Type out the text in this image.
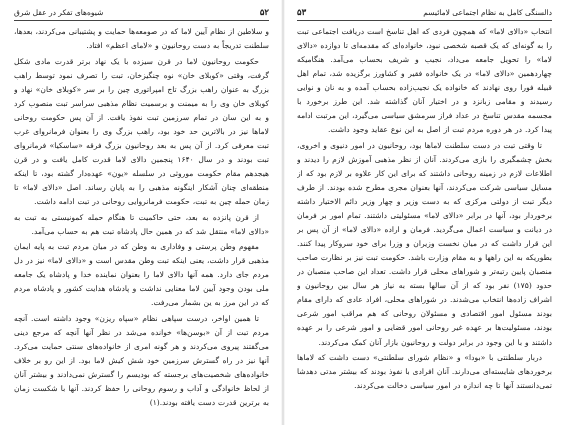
۵۲
شیوه‌های تفکر در عقل شرق

و سلاطین از نظام آیین لاما که در صومعه‌ها حمایت و پشتیبانی می‌کردند، بعدها، سلطنت تدریجاً به دست روحانیون و «لامای اعظم» افتاد.

حکومت روحانیون لاما در قرن سیزده با یک نهاد برتر قدرت مادی شکل گرفت، وقتی «کوبلای خان» نوه چنگیزخان، تبت را تصرف نمود توسط راهب بزرگ به عنوان راهب بزرگ تاج امپراتوری چین را بر سر «کوبلای خان» نهاد و کوبلای خان وی را به میمنت و برسمیت نظام مذهبی سراسر تبت منصوب کرد و به این سان در تمام سرزمین تبت نفوذ یافت. از آن پس حکومت روحانی لاماها نیز در بالاترین حد خود بود، راهب بزرگ وی را بعنوان فرمانروای غرب تبت معرفی کرد. از آن پس به بعد روحانیون بزرگ فرقه «ساسکیا» فرمانروای تبت بودند و در سال ۱۶۴۰ پنجمین دالای لاما قدرت کامل یافت و در قرن هیجدهم مقام حکومت موروثی در سلسله «یون» عهده‌دار گشته بود، تا اینکه منطقه‌ای چنان آشکار اینگونه مذهبی را به پایان رساند. اصل «دالای لاما» تا زمان حمله چین به تبت، حکومت فرمانروایی روحانی در تبت ادامه داشت.

از قرن پانزده به بعد، حتی حاکمیت تا هنگام حمله کمونیستی به تبت به «دالای لاما» منتقل شد که در همین حال پادشاه تبت هم به حساب می‌آمد.

مفهوم وطن پرستی و وفاداری به وطن که در میان مردم تبت به پایه ایمان مذهبی قرار داشت، یعنی اینکه تبت وطن مقدس است و «دالای لاما» نیز در دل مردم جای دارد. همه آنها دالای لاما را بعنوان نماینده خدا و پادشاه یک جامعه ملی بودن وجود آیین لاما معنایی نداشت و پادشاه هدایت کشور و پادشاه مردم که در این مرز به ین بشمار می‌رفت.

تا همین اواخر، درست سپاهی نظام «سپاه ریزن» وجود داشته است. آنچه مردم تبت از آن «بوسن‌ها» خوانده می‌شد در نظر آنها آنچه که مرجع دینی می‌گفتند پیروی می‌کردند و هر گونه امری از خانواده‌های سنتی حمایت می‌کرد. آنها نیز در راه گسترش سرزمین خود شش کیش لاما بود. از این رو بر خلاف خانواده‌های شخصیت‌های برجسته که بودیسم را گسترش نمی‌دادند و بیشتر آنان از لحاظ خانوادگی و آداب و رسوم روحانی را حفظ کردند. آنها با شکست زمان به برترین قدرت دست یافته بودند.(۱)

۵۳	دالسنگی کامل به نظام اجتماعی لامائیسم

انتخاب «دالای لاما» که همچون فردی که اهل تناسخ است دریافت اجتماعی تبت را به گونه‌ای که یک قصبه شخصی نبود، خانواده‌ای که مقدمه‌ای تا دوازده «دالای لاما» را تحویل جامعه می‌داد، نجیب و شریف بحساب می‌آمد. هنگامیکه چهاردهمین «دالای لاما» در یک خانواده فقیر و کشاورز برگزیده شد، تمام اهل قبیله فورا روی نهادند که خانواده یک نجیب‌زاده بحساب آمده و به نان و نوایی رسیدند و مقامی زبانزد و در اختیار آنان گذاشته شد. این طرز برخورد با مجسمه مقدس تناسخ در عداد فراز سرمشق سیاسی می‌گیرد، این مرتبت ادامه پیدا کرد. در هر دوره مردم تبت از اصل به این نوع عقاید وجود داشت.

تا وقتی تبت در دست سلطنت لاماها بود، روحانیون در امور دنیوی و اخروی، بخش چشمگیری را بازی می‌کردند. آنان از نظر مذهبی آموزش لازم را دیدند و اطلاعات لازم در زمینه روحانی داشتند که برای این کار علاوه بر لازم بود که از مسایل سیاسی شرکت می‌کردند، آنها بعنوان مجری مطرح شده بودند. از طرف دیگر تبت از دولتی مرکزی که به دست وزیر و چهار وزیر دائم الاختیار داشته برخوردار بود، آنها در برابر «دالای لاما» مسئولیتی داشتند. تمام امور بر فرمان در دیانت و سیاست اعمال می‌گردید. فرمان و اراده «دالای لاما» از آن پس بر این قرار داشت که در میان نخست وزیران و وزرا برای خود سروکار پیدا کنند. بطوریکه به این راهها و به مقام وزارت باشد. حکومت تبت نیز بر نظارت صاحب منصبان پایین رتبه‌تر و شوراهای محلی قرار داشت. تعداد این صاحب منصبان در حدود (۱۷۵) نفر بود که از آن سالها بسته به نیاز هر سال بین روحانیون و اشراف زاده‌ها انتخاب می‌شدند. در شوراهای محلی، افراد عادی که دارای مقام بودند مسئول امور اقتصادی و مسئولان روحانی که هم مراقب امور شرعی بودند، مسئولیت‌ها بر عهده غیر روحانی امور قضایی و امور شرعی را بر عهده داشتند و با این وجود در برابر دولت و روحانیون بازار آنان کمک می‌کردند.

دربار سلطنتی با «بودا» و «نظام شورای سلطنتی» دست داشت که لاماها برخوردهای شایسته‌ای می‌دارند. آنان افرادی با نفوذ بودند که بیشتر مدتی دهدشا تمی‌دانستند آنها تا چه اندازه در امور سیاسی دخالت می‌کردند.
